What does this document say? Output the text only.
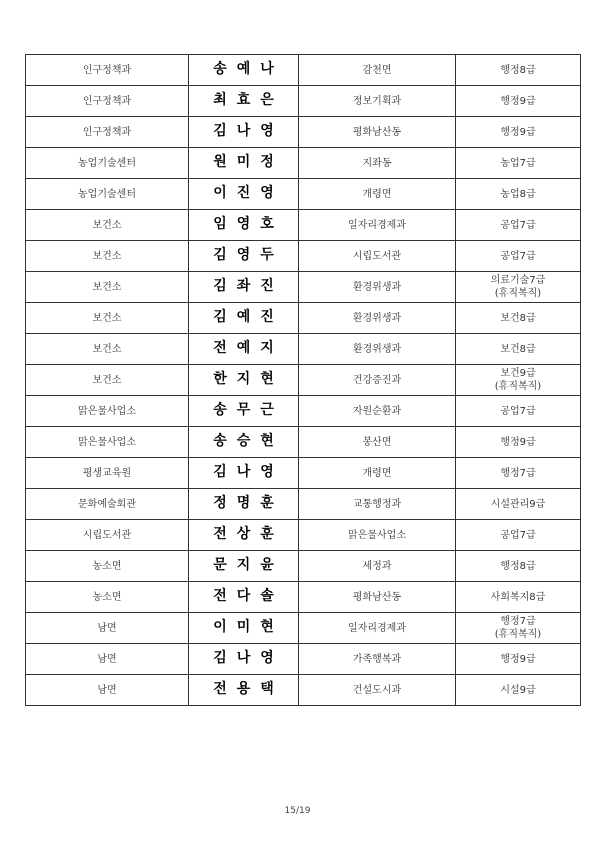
인구정책과	송예나	감천면	행정8급
인구정책과	최효은	정보기획과	행정9급
인구정책과	김나영	평화남산동	행정9급
농업기술센터	원미정	지좌동	농업7급
농업기술센터	이진영	개령면	농업8급
보건소	임영호	일자리경제과	공업7급
보건소	김영두	시립도서관	공업7급
보건소	김좌진	환경위생과	의료기술7급
(휴직복직)

보건소	김예진	환경위생과	보건8급
보건소	전예지	환경위생과	보건8급
보건소	한지현	건강증진과	보건9급
(휴직복직)

맑은물사업소	송무근	자원순환과	공업7급
맑은물사업소	송승현	봉산면	행정9급
평생교육원	김나영	개령면	행정7급
문화예술회관	정명훈	교통행정과	시설관리9급
시립도서관	전상훈	맑은물사업소	공업7급
농소면	문지윤	세정과	행정8급
농소면	전다솔	평화남산동	사회복지8급
남면	이미현	일자리경제과	행정7급
(휴직복직)

남면	김나영	가족행복과	행정9급
남면	전용택	건설도시과	시설9급
15/19
